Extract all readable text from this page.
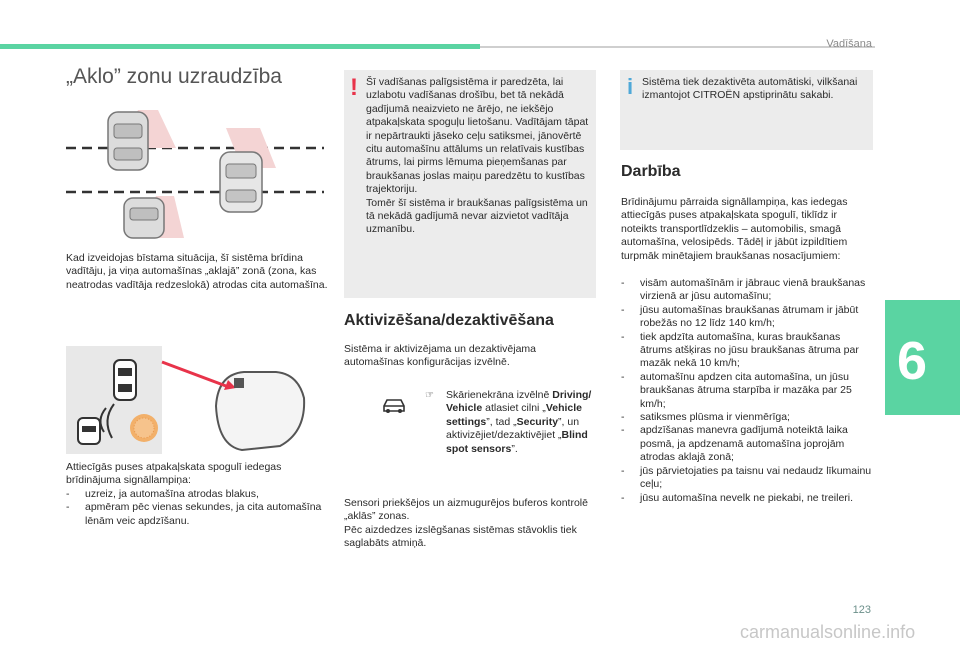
Vadīšana
6
„Aklo” zonu uzraudzība
Kad izveidojas bīstama situācija, šī sistēma brīdina vadītāju, ja viņa automašīnas „aklajā” zonā (zona, kas neatrodas vadītāja redzeslokā) atrodas cita automašīna.
Attiecīgās puses atpakaļskata spogulī iedegas brīdinājuma signāllampiņa:
- uzreiz, ja automašīna atrodas blakus,
- apmēram pēc vienas sekundes, ja cita automašīna lēnām veic apdzīšanu.
! Šī vadīšanas palīgsistēma ir paredzēta, lai uzlabotu vadīšanas drošību, bet tā nekādā gadījumā neaizvieto ne ārējo, ne iekšējo atpakaļskata spoguļu lietošanu. Vadītājam tāpat ir nepārtraukti jāseko ceļu satiksmei, jānovērtē citu automašīnu attālums un relatīvais kustības ātrums, lai pirms lēmuma pieņemšanas par braukšanas joslas maiņu paredzētu to kustības trajektoriju.

Tomēr šī sistēma ir braukšanas palīgsistēma un tā nekādā gadījumā nevar aizvietot vadītāja uzmanību.

Aktivizēšana/dezaktivēšana
Sistēma ir aktivizējama un dezaktivējama automašīnas konfigurācijas izvēlnē.
☞ Skārienekrāna izvēlnē Driving/ Vehicle atlasiet cilni „Vehicle settings”, tad „Security”, un aktivizējiet/dezaktivējiet „Blind spot sensors”.

Sensori priekšējos un aizmugurējos buferos kontrolē „aklās” zonas.

Pēc aizdedzes izslēgšanas sistēmas stāvoklis tiek saglabāts atmiņā.

i Sistēma tiek dezaktivēta automātiski, vilkšanai izmantojot CITROËN apstiprinātu sakabi.
Darbība
Brīdinājumu pārraida signāllampiņa, kas iedegas attiecīgās puses atpakaļskata spogulī, tiklīdz ir noteikts transportlīdzeklis – automobilis, smagā automašīna, velosipēds. Tādēļ ir jābūt izpildītiem turpmāk minētajiem braukšanas nosacījumiem:
- visām automašīnām ir jābrauc vienā braukšanas virzienā ar jūsu automašīnu;
- jūsu automašīnas braukšanas ātrumam ir jābūt robežās no 12 līdz 140 km/h;
- tiek apdzīta automašīna, kuras braukšanas ātrums atšķiras no jūsu braukšanas ātruma par mazāk nekā 10 km/h;
- automašīnu apdzen cita automašīna, un jūsu braukšanas ātruma starpība ir mazāka par 25 km/h;
- satiksmes plūsma ir vienmērīga;
- apdzīšanas manevra gadījumā noteiktā laika posmā, ja apdzenamā automašīna joprojām atrodas aklajā zonā;
- jūs pārvietojaties pa taisnu vai nedaudz līkumainu ceļu;
- jūsu automašīna nevelk ne piekabi, ne treileri.
123
carmanualsonline.info
